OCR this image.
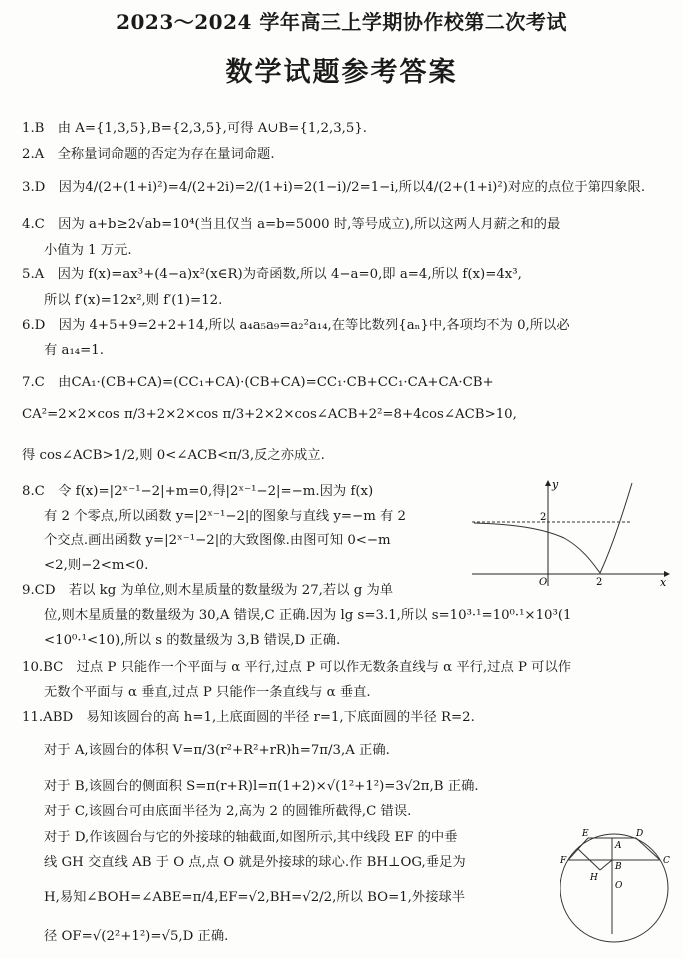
2023～2024 学年高三上学期协作校第二次考试
数学试题参考答案
1.B　由 A={1,3,5},B={2,3,5},可得 A∪B={1,2,3,5}.
2.A　全称量词命题的否定为存在量词命题.
3.D　因为4/(2+(1+i)²)=4/(2+2i)=2/(1+i)=2(1−i)/2=1−i,所以4/(2+(1+i)²)对应的点位于第四象限.
4.C　因为 a+b≥2√ab=10⁴(当且仅当 a=b=5000 时,等号成立),所以这两人月薪之和的最
小值为 1 万元.
5.A　因为 f(x)=ax³+(4−a)x²(x∈R)为奇函数,所以 4−a=0,即 a=4,所以 f(x)=4x³,
所以 f′(x)=12x²,则 f′(1)=12.
6.D　因为 4+5+9=2+2+14,所以 a₄a₅a₉=a₂²a₁₄,在等比数列{aₙ}中,各项均不为 0,所以必
有 a₁₄=1.
7.C　由CA₁·(CB+CA)=(CC₁+CA)·(CB+CA)=CC₁·CB+CC₁·CA+CA·CB+
CA²=2×2×cos π/3+2×2×cos π/3+2×2×cos∠ACB+2²=8+4cos∠ACB>10,
得 cos∠ACB>1/2,则 0<∠ACB<π/3,反之亦成立.
8.C　令 f(x)=|2ˣ⁻¹−2|+m=0,得|2ˣ⁻¹−2|=−m.因为 f(x)
有 2 个零点,所以函数 y=|2ˣ⁻¹−2|的图象与直线 y=−m 有 2
个交点.画出函数 y=|2ˣ⁻¹−2|的大致图像.由图可知 0<−m
<2,则−2<m<0.
9.CD　若以 kg 为单位,则木星质量的数量级为 27,若以 g 为单
位,则木星质量的数量级为 30,A 错误,C 正确.因为 lg s=3.1,所以 s=10³·¹=10⁰·¹×10³(1
<10⁰·¹<10),所以 s 的数量级为 3,B 错误,D 正确.
10.BC　过点 P 只能作一个平面与 α 平行,过点 P 可以作无数条直线与 α 平行,过点 P 可以作
无数个平面与 α 垂直,过点 P 只能作一条直线与 α 垂直.
11.ABD　易知该圆台的高 h=1,上底面圆的半径 r=1,下底面圆的半径 R=2.
对于 A,该圆台的体积 V=π/3(r²+R²+rR)h=7π/3,A 正确.
对于 B,该圆台的侧面积 S=π(r+R)l=π(1+2)×√(1²+1²)=3√2π,B 正确.
对于 C,该圆台可由底面半径为 2,高为 2 的圆锥所截得,C 错误.
对于 D,作该圆台与它的外接球的轴截面,如图所示,其中线段 EF 的中垂
线 GH 交直线 AB 于 O 点,点 O 就是外接球的球心.作 BH⊥OG,垂足为
H,易知∠BOH=∠ABE=π/4,EF=√2,BH=√2/2,所以 BO=1,外接球半
径 OF=√(2²+1²)=√5,D 正确.
y
x
O	2
2
E	D
F
A
B
C
H
O
